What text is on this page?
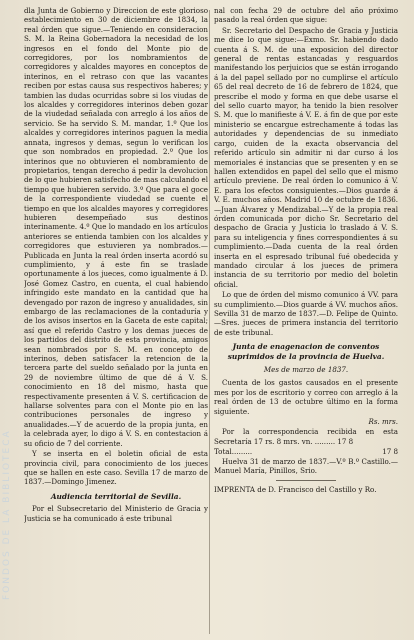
FONDOS DE LA BIBLIOTECA

dla Junta de Gobierno y Direccion de este glorioso establecimiento en 30 de diciembre de 1834, la real órden que sigue.—Teniendo en consideracion S. M. la Reina Gobernadora la necesidad de los ingresos en el fondo del Monte pio de corregidores, por los nombramientos de corregidores y alcaldes mayores en conceptos de interinos, en el retraso con que las vacantes reciben por estas causa sus respectivos haberes; y tambien las dudas ocurridas sobre si los viudas de los alcaldes y corregidores interinos deben gozar de la viudedad señalada con arreglo á los años de servicio. Se ha servido S. M. mandar, 1.º Que los alcaldes y corregidores interinos paguen la media annata, ingresos y demas, segun lo verifican los que son nombrados en propiedad. 2.º Que los interinos que no obtuvieren el nombramiento de propietarios, tengan derecho á pedir la devolucion de lo que hubieren satisfecho de mas calculando el tiempo que hubieren servido. 3.º Que para el goce de la correspondiente viudedad se cuente el tiempo en que los alcaldes mayores y corregidores hubieren desempeñado sus destinos interinamente. 4.º Que lo mandado en los artículos anteriores se entienda tambien con los alcaldes y corregidores que estuvieren ya nombrados.—Publicada en Junta la real órden inserta acordó su cumplimiento, y á este fin se traslade oportunamente á los jueces, como igualmente á D. José Gomez Castro, en cuenta, el cual habiendo infringido este mandato en la cantidad que ha devengado por razon de ingreso y anualidades, sin embargo de las reclamaciones de la contaduría y de los avisos insertos en la Gaceta de este capital; así que el referido Castro y los demas jueces de los partidos del distrito de esta provincia, amigos sean nombrados por S. M. en concepto de interinos, deben satisfacer la retencion de la tercera parte del sueldo señalado por la junta en 29 de noviembre último de que dé á V. S. conocimiento en 18 del mismo, hasta que respectivamente presenten á V. S. certificacion de hallarse solventes para con el Monte pio en las contribuciones personales de ingreso y anualidades.—Y de acuerdo de la propia junta, en la celebrada ayer, lo digo á V. S. en contestacion á su oficio de 7 del corriente.

Y se inserta en el boletin oficial de esta provincia civil, para conocimiento de los jueces que se hallen en este caso. Sevilla 17 de marzo de 1837.—Domingo Jimenez.

Audiencia territorial de Sevilla.

Por el Subsecretario del Ministerio de Gracia y Justicia se ha comunicado á este tribunal

nal con fecha 29 de octubre del año próximo pasado la real órden que sigue:

Sr. Secretario del Despacho de Gracia y Justicia me dice lo que sigue:—Exmo. Sr. habiendo dado cuenta á S. M. de una exposicion del director general de rentas estancadas y resguardos manifestando los perjuicios que se están irrogando á la del papel sellado por no cumplirse el artículo 65 del real decreto de 16 de febrero de 1824, que prescribe el modo y forma en que debe usarse el del sello cuarto mayor, ha tenido la bien resolver S. M. que lo manifieste á V. E. á fin de que por este ministerio se encargue estrechamente á todas las autoridades y dependencias de su inmediato cargo, cuiden de la exacta observancia del referido artículo sin admitir ni dar curso á los memoriales é instancias que se presenten y en se hallen extendidos en papel del sello que el mismo artículo previene. De real órden lo comunico á V. E. para los efectos consiguientes.—Dios guarde á V. E. muchos años. Madrid 10 de octubre de 1836.—Juan Álvarez y Mendizabal.—Y de la propia real órden comunicada por dicho Sr. Secretario del despacho de Gracia y Justicia lo traslado á V. S. para su inteligencia y fines correspondientes á su cumplimiento.—Dada cuenta de la real órden inserta en el espresado tribunal fué obedecida y mandado circular á los jueces de primera instancia de su territorio por medio del boletin oficial.

Lo que de órden del mismo comunico á VV. para su cumplimiento.—Dios guarde á VV. muchos años. Sevilla 31 de marzo de 1837.—D. Felipe de Quinto.—Sres. jueces de primera instancia del territorio de este tribunal.

Junta de enagenacion de conventos suprimidos de la provincia de Huelva.

Mes de marzo de 1837.

Cuenta de los gastos causados en el presente mes por los de escritorio y correo con arreglo á la real órden de 13 de octubre último en la forma siguiente.

Rs. mrs.

Por la correspondencia recibida en esta Secretaría 17 rs. 8 mrs. vn. ......... 17 8

Total.........	17 8

Huelva 31 de marzo de 1837.—V.º B.º Castillo.—Manuel María, Pinillos, Srio.

IMPRENTA de D. Francisco del Castillo y Ro.
